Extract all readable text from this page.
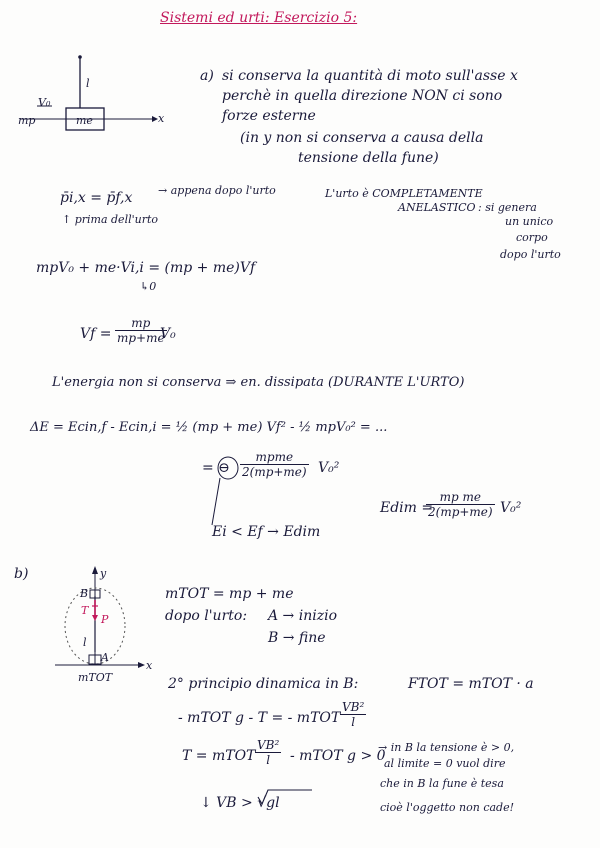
Sistemi ed urti: Esercizio 5:
mp
V₀
me
l
x
a) si conserva la quantità di moto sull'asse x
perchè in quella direzione NON ci sono
forze esterne
(in y non si conserva a causa della
tensione della fune)
p̄i,x = p̄f,x → appena dopo l'urto
↑ prima dell'urto
L'urto è COMPLETAMENTE
ANELASTICO : si genera
un unico
corpo
dopo l'urto
mpV₀ + me·Vi,i = (mp + me)Vf
↳0
$Vf = \frac{mp}{mp+me}$
V₀
L'energia non si conserva ⇒ en. dissipata (DURANTE L'URTO)
ΔE = Ecin,f - Ecin,i = ½ (mp + me) Vf² - ½ mpV₀² = ...
= ⊖
mpme
2(mp+me) V₀²
Ei < Ef → Edim
Edim =
$\frac{\text{mp me}}{2(mp+me)} V_0^2$
b)	y
x
B
A
l
T
P
mTOT
mTOT = mp + me
dopo l'urto: A → inizio
B → fine
2° principio dinamica in B:	FTOT = mTOT · a
- mTOT g - T = - mTOT $\frac{\text{VB²}}{l}$
T = mTOT $\frac{\text{VB²}}{l}$ - mTOT g > 0
↓ VB > √gl
→ in B la tensione è > 0,
al limite = 0 vuol dire
che in B la fune è tesa
cioè l'oggetto non cade!
